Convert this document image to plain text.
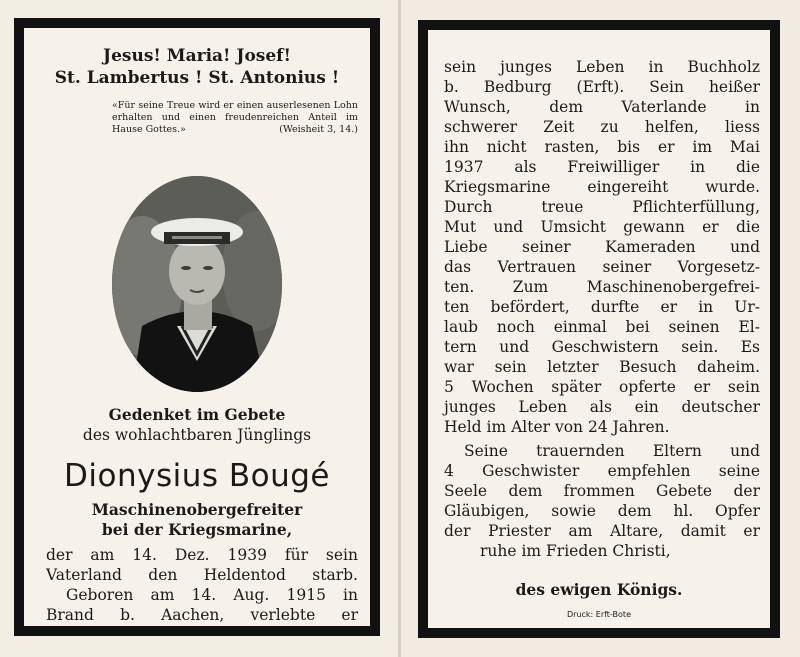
Jesus! Maria! Josef!
St. Lambertus ! St. Antonius !
«Für seine Treue wird er einen auserlesenen Lohn erhalten und einen freudenreichen Anteil im Hause Gottes.»	(Weisheit 3, 14.)
Gedenket im Gebete
des wohlachtbaren Jünglings
Dionysius Bougé
Maschinenobergefreiter
bei der Kriegsmarine,
der am 14. Dez. 1939 für sein
Vaterland den Heldentod starb.
Geboren am 14. Aug. 1915 in
Brand b. Aachen, verlebte er
sein junges Leben in Buchholz
b. Bedburg (Erft). Sein heißer
Wunsch, dem Vaterlande in
schwerer Zeit zu helfen, liess
ihn nicht rasten, bis er im Mai
1937 als Freiwilliger in die
Kriegsmarine eingereiht wurde.
Durch treue Pflichterfüllung,
Mut und Umsicht gewann er die
Liebe seiner Kameraden und
das Vertrauen seiner Vorgesetz-
ten. Zum Maschinenobergefrei-
ten befördert, durfte er in Ur-
laub noch einmal bei seinen El-
tern und Geschwistern sein. Es
war sein letzter Besuch daheim.
5 Wochen später opferte er sein
junges Leben als ein deutscher
Held im Alter von 24 Jahren.
Seine trauernden Eltern und
4 Geschwister empfehlen seine
Seele dem frommen Gebete der
Gläubigen, sowie dem hl. Opfer
der Priester am Altare, damit er
ruhe im Frieden Christi,
des ewigen Königs.
Druck: Erft-Bote
